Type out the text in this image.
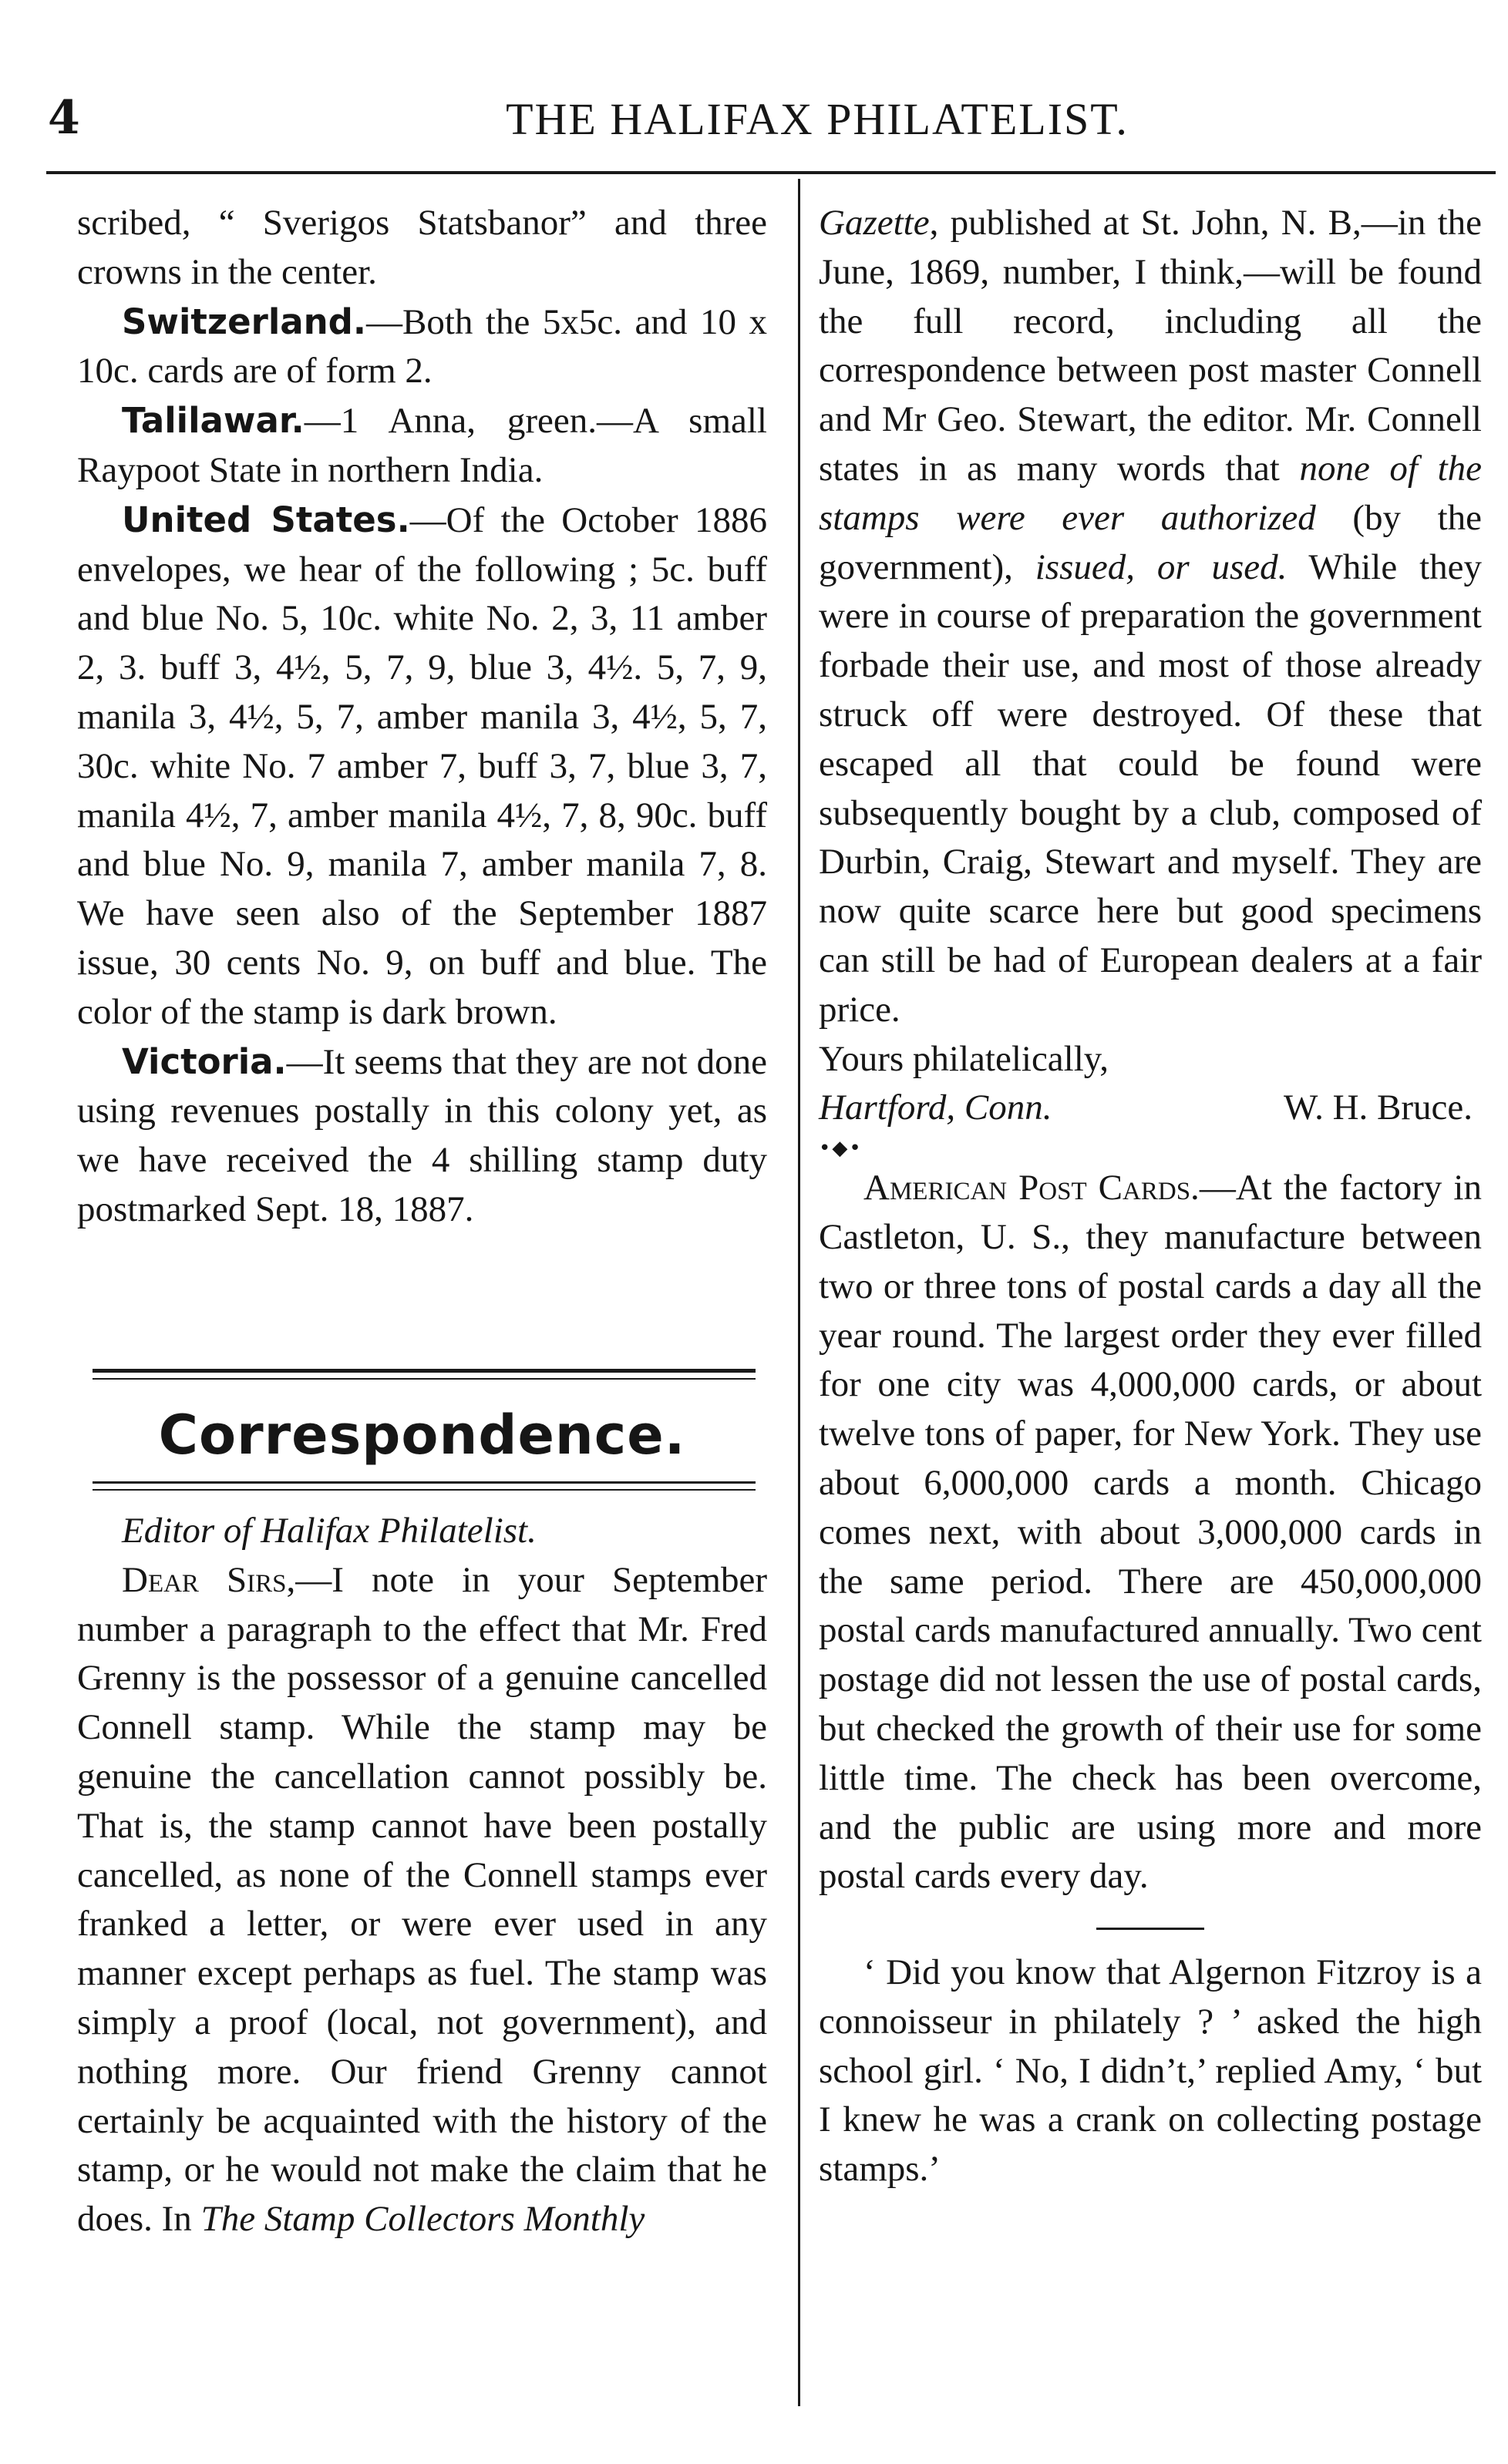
4	THE HALIFAX PHILATELIST.

scribed, “ Sverigos Statsbanor” and three crowns in the center.

Switzerland.—Both the 5x5c. and 10 x 10c. cards are of form 2.

Talilawar.—1 Anna, green.—A small Raypoot State in northern India.

United States.—Of the October 1886 envelopes, we hear of the following ; 5c. buff and blue No. 5, 10c. white No. 2, 3, 11 amber 2, 3. buff 3, 4½, 5, 7, 9, blue 3, 4½. 5, 7, 9, manila 3, 4½, 5, 7, amber manila 3, 4½, 5, 7, 30c. white No. 7 amber 7, buff 3, 7, blue 3, 7, manila 4½, 7, amber manila 4½, 7, 8, 90c. buff and blue No. 9, manila 7, amber manila 7, 8. We have seen also of the September 1887 issue, 30 cents No. 9, on buff and blue. The color of the stamp is dark brown.

Victoria.—It seems that they are not done using revenues postally in this colony yet, as we have received the 4 shilling stamp duty postmarked Sept. 18, 1887.

Correspondence.

Editor of Halifax Philatelist.

Dear Sirs,—I note in your September number a paragraph to the effect that Mr. Fred Grenny is the possessor of a genuine cancelled Connell stamp. While the stamp may be genuine the cancellation cannot possibly be. That is, the stamp cannot have been postally cancelled, as none of the Connell stamps ever franked a letter, or were ever used in any manner except perhaps as fuel. The stamp was simply a proof (local, not government), and nothing more. Our friend Grenny cannot certainly be acquainted with the history of the stamp, or he would not make the claim that he does. In The Stamp Collectors Monthly

Gazette, published at St. John, N. B,—in the June, 1869, number, I think,—will be found the full record, including all the correspondence between post master Connell and Mr Geo. Stewart, the editor. Mr. Connell states in as many words that none of the stamps were ever authorized (by the government), issued, or used. While they were in course of preparation the government forbade their use, and most of those already struck off were destroyed. Of these that escaped all that could be found were subsequently bought by a club, composed of Durbin, Craig, Stewart and myself. They are now quite scarce here but good specimens can still be had of European dealers at a fair price.

Yours philatelically,

Hartford, Conn.	W. H. Bruce.

•◆•

American Post Cards.—At the factory in Castleton, U. S., they manufacture between two or three tons of postal cards a day all the year round. The largest order they ever filled for one city was 4,000,000 cards, or about twelve tons of paper, for New York. They use about 6,000,000 cards a month. Chicago comes next, with about 3,000,000 cards in the same period. There are 450,000,000 postal cards manufactured annually. Two cent postage did not lessen the use of postal cards, but checked the growth of their use for some little time. The check has been overcome, and the public are using more and more postal cards every day.

‘ Did you know that Algernon Fitzroy is a connoisseur in philately ? ’ asked the high school girl. ‘ No, I didn’t,’ replied Amy, ‘ but I knew he was a crank on collecting postage stamps.’
